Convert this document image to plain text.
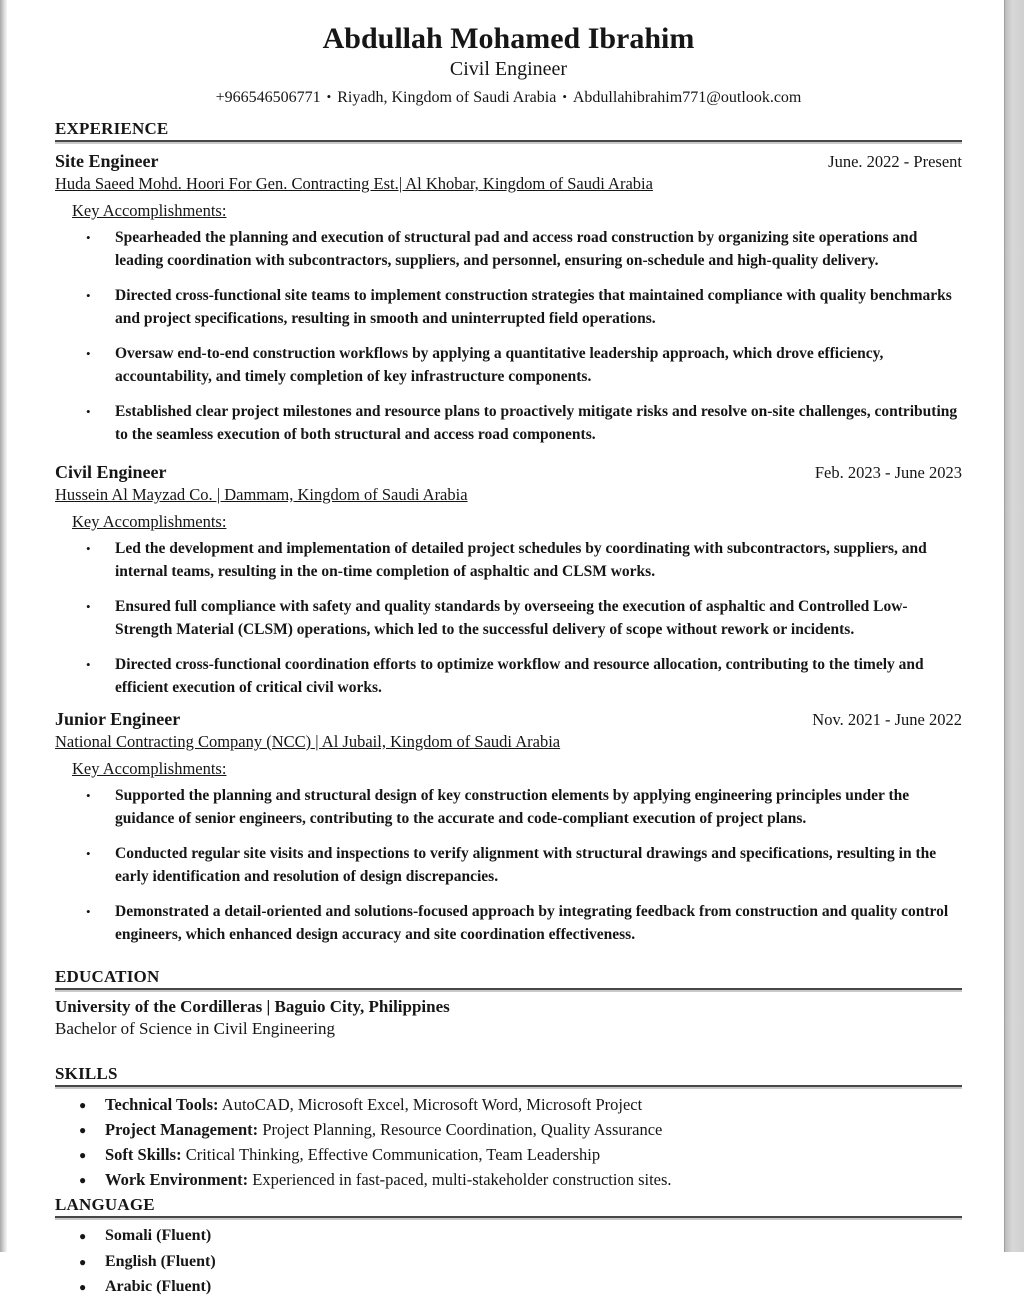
Abdullah Mohamed Ibrahim
Civil Engineer
+966546506771 • Riyadh, Kingdom of Saudi Arabia • Abdullahibrahim771@outlook.com
EXPERIENCE
Site Engineer	June. 2022 - Present
Huda Saeed Mohd. Hoori For Gen. Contracting Est.| Al Khobar, Kingdom of Saudi Arabia
Key Accomplishments:
•	Spearheaded the planning and execution of structural pad and access road construction by organizing site operations and leading coordination with subcontractors, suppliers, and personnel, ensuring on-schedule and high-quality delivery.
•	Directed cross-functional site teams to implement construction strategies that maintained compliance with quality benchmarks and project specifications, resulting in smooth and uninterrupted field operations.
•	Oversaw end-to-end construction workflows by applying a quantitative leadership approach, which drove efficiency, accountability, and timely completion of key infrastructure components.
•	Established clear project milestones and resource plans to proactively mitigate risks and resolve on-site challenges, contributing to the seamless execution of both structural and access road components.
Civil Engineer	Feb. 2023 - June 2023
Hussein Al Mayzad Co. | Dammam, Kingdom of Saudi Arabia
Key Accomplishments:
•	Led the development and implementation of detailed project schedules by coordinating with subcontractors, suppliers, and internal teams, resulting in the on-time completion of asphaltic and CLSM works.
•	Ensured full compliance with safety and quality standards by overseeing the execution of asphaltic and Controlled Low-Strength Material (CLSM) operations, which led to the successful delivery of scope without rework or incidents.
•	Directed cross-functional coordination efforts to optimize workflow and resource allocation, contributing to the timely and efficient execution of critical civil works.
Junior Engineer	Nov. 2021 - June 2022
National Contracting Company (NCC) | Al Jubail, Kingdom of Saudi Arabia
Key Accomplishments:
•	Supported the planning and structural design of key construction elements by applying engineering principles under the guidance of senior engineers, contributing to the accurate and code-compliant execution of project plans.
•	Conducted regular site visits and inspections to verify alignment with structural drawings and specifications, resulting in the early identification and resolution of design discrepancies.
•	Demonstrated a detail-oriented and solutions-focused approach by integrating feedback from construction and quality control engineers, which enhanced design accuracy and site coordination effectiveness.
EDUCATION
University of the Cordilleras | Baguio City, Philippines
Bachelor of Science in Civil Engineering
SKILLS
●	Technical Tools: AutoCAD, Microsoft Excel, Microsoft Word, Microsoft Project
●	Project Management: Project Planning, Resource Coordination, Quality Assurance
●	Soft Skills: Critical Thinking, Effective Communication, Team Leadership
●	Work Environment: Experienced in fast-paced, multi-stakeholder construction sites.
LANGUAGE
●	Somali (Fluent)
●	English (Fluent)
●	Arabic (Fluent)
